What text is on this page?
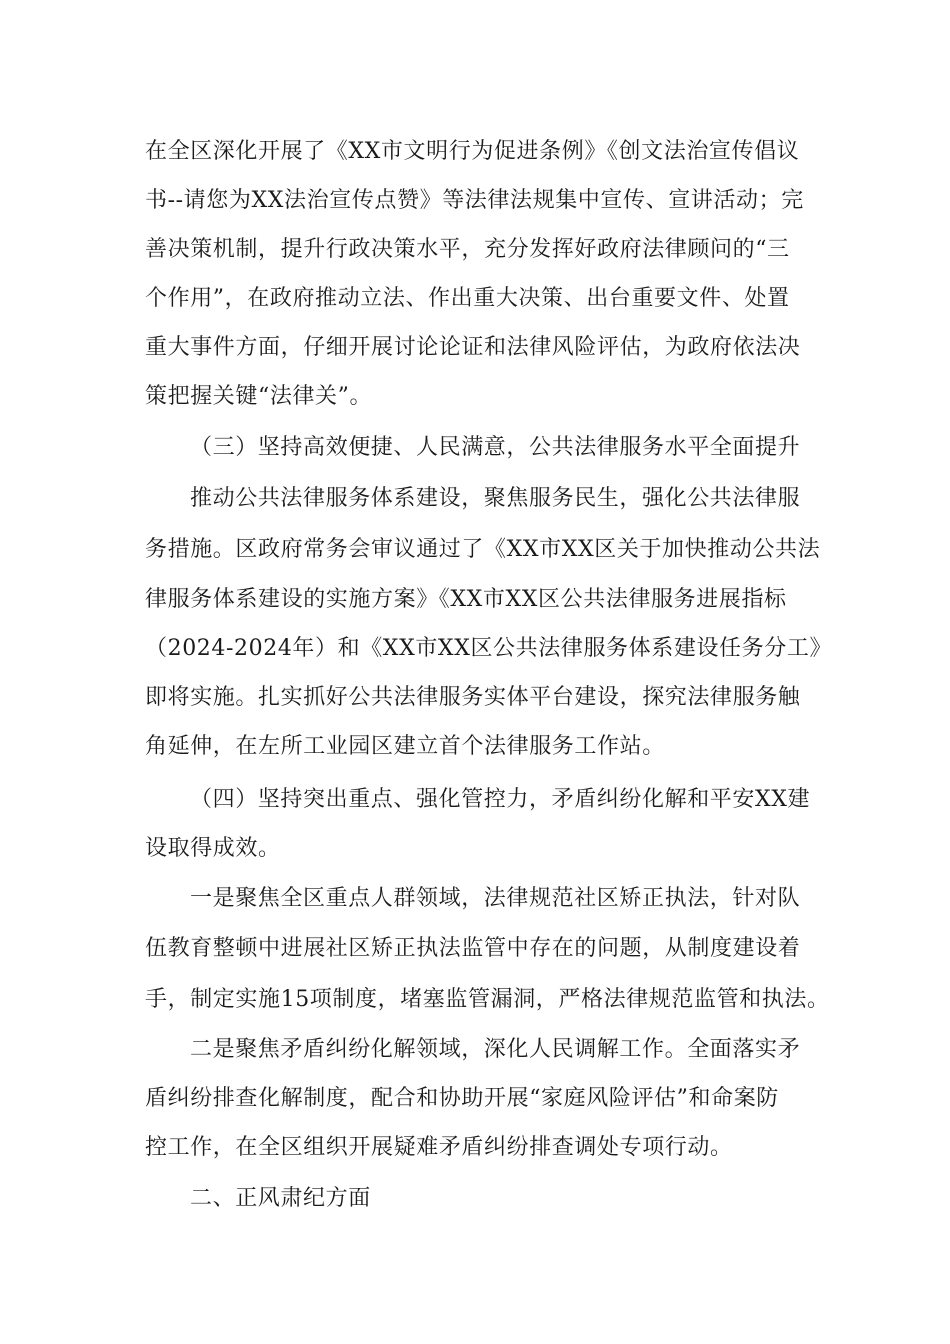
在全区深化开展了《XX市文明行为促进条例》《创文法治宣传倡议
书--请您为XX法治宣传点赞》等法律法规集中宣传、宣讲活动；完
善决策机制，提升行政决策水平，充分发挥好政府法律顾问的“三
个作用”，在政府推动立法、作出重大决策、出台重要文件、处置
重大事件方面，仔细开展讨论论证和法律风险评估，为政府依法决
策把握关键“法律关”。
（三）坚持高效便捷、人民满意，公共法律服务水平全面提升
推动公共法律服务体系建设，聚焦服务民生，强化公共法律服
务措施。区政府常务会审议通过了《XX市XX区关于加快推动公共法
律服务体系建设的实施方案》《XX市XX区公共法律服务进展指标
（2024-2024年）和《XX市XX区公共法律服务体系建设任务分工》
即将实施。扎实抓好公共法律服务实体平台建设，探究法律服务触
角延伸，在左所工业园区建立首个法律服务工作站。
（四）坚持突出重点、强化管控力，矛盾纠纷化解和平安XX建
设取得成效。
一是聚焦全区重点人群领域，法律规范社区矫正执法，针对队
伍教育整顿中进展社区矫正执法监管中存在的问题，从制度建设着
手，制定实施15项制度，堵塞监管漏洞，严格法律规范监管和执法。
二是聚焦矛盾纠纷化解领域，深化人民调解工作。全面落实矛
盾纠纷排查化解制度，配合和协助开展“家庭风险评估”和命案防
控工作，在全区组织开展疑难矛盾纠纷排查调处专项行动。
二、正风肃纪方面
